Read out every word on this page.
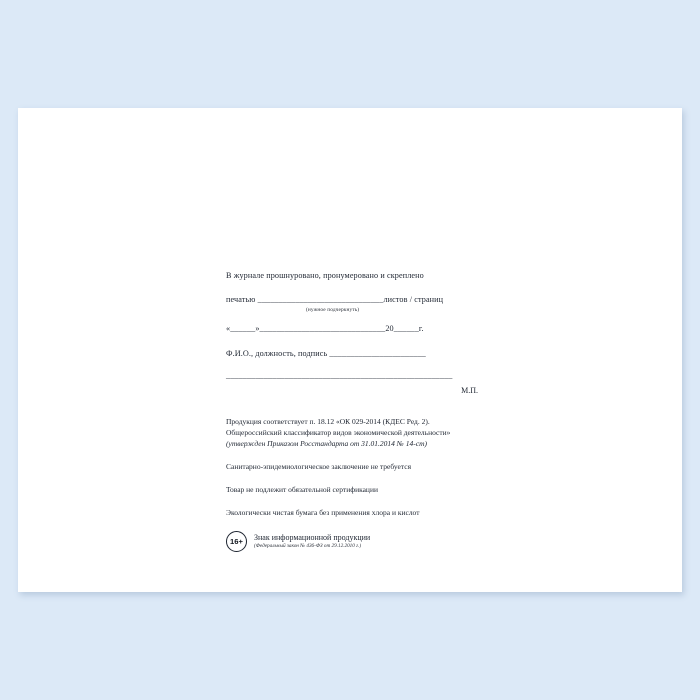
В журнале прошнуровано, пронумеровано и скреплено
печатью ______________________________листов / страниц
(нужное подчеркнуть)
«______»______________________________20______г.
Ф.И.О., должность, подпись _______________________
______________________________________________________
М.П.
Продукция соответствует п. 18.12 «ОК 029-2014 (КДЕС Ред. 2).
Общероссийский классификатор видов экономической деятельности»
(утвержден Приказом Росстандарта от 31.01.2014 № 14-ст)
Санитарно-эпидемиологическое заключение не требуется
Товар не подлежит обязательной сертификации
Экологически чистая бумага без применения хлора и кислот
16+	Знак информационной продукции
(Федеральный закон № 436-ФЗ от 29.12.2010 г.)
